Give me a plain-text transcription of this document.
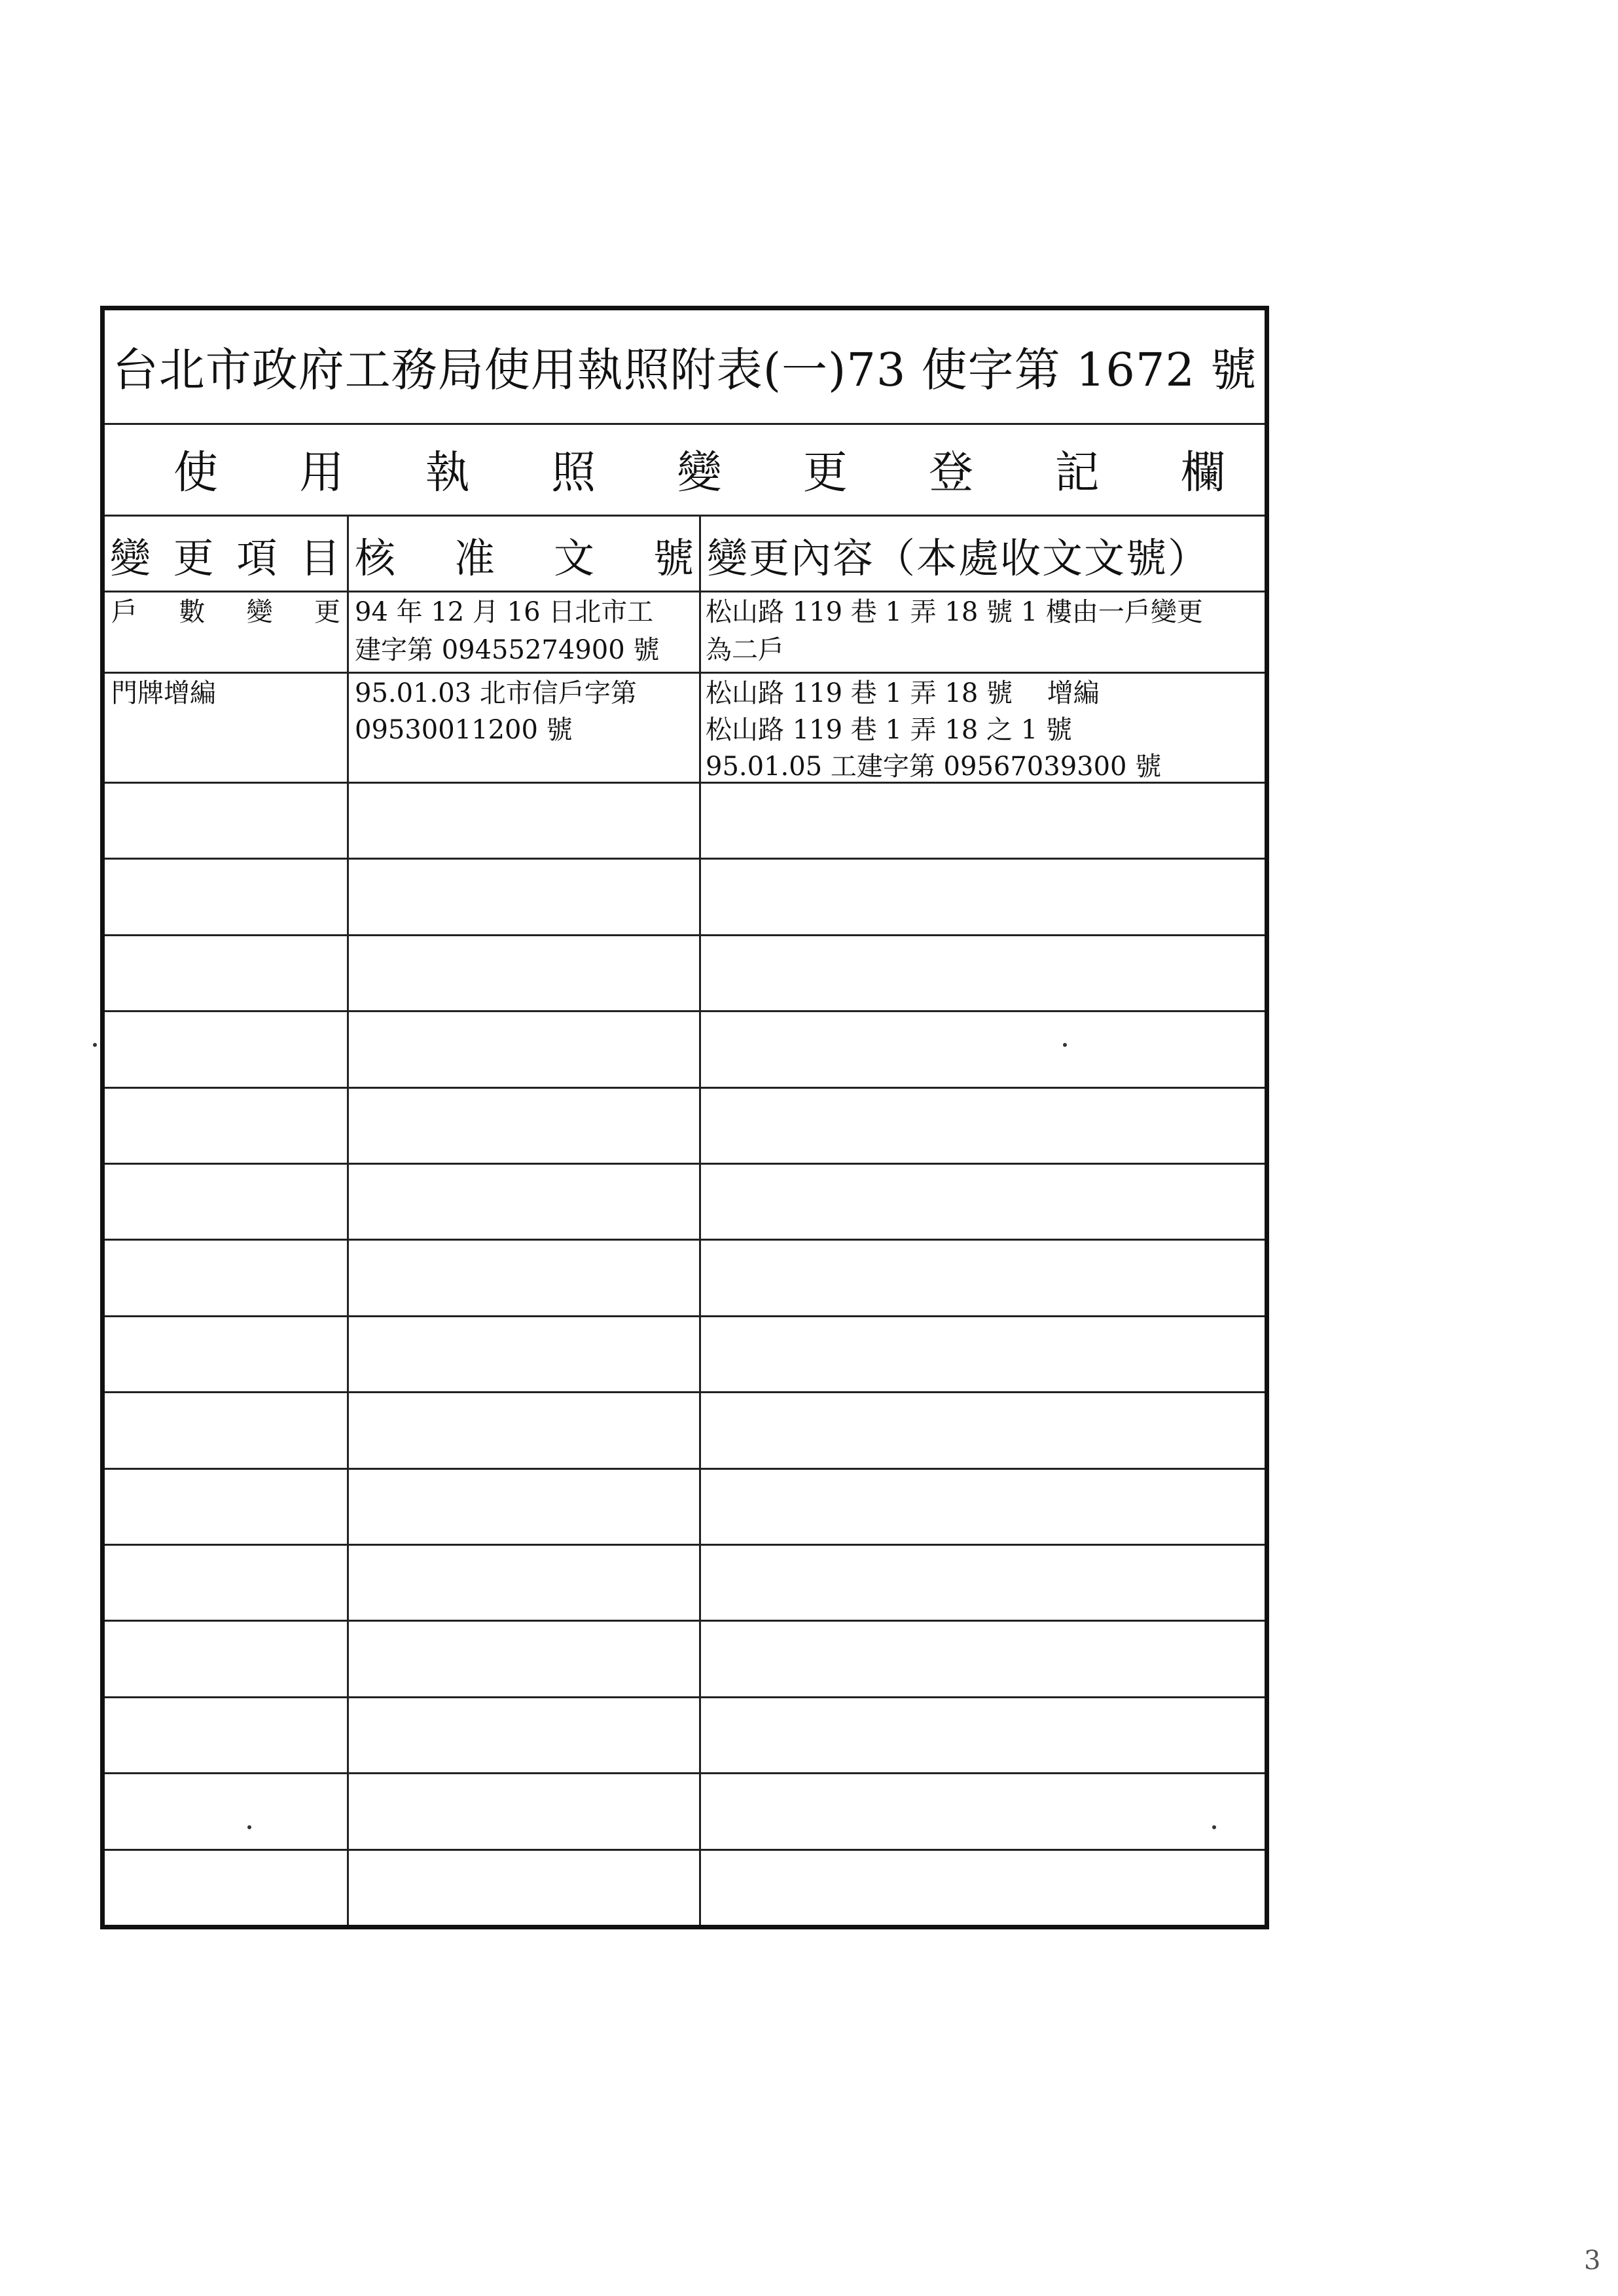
台北市政府工務局使用執照附表(一)73 使字第 1672 號
使 用 執 照 變 更 登 記 欄
變 更 項 目 核 准 文 號 變更內容（本處收文文號）
戶 數 變 更 94 年 12 月 16 日北市工
建字第 09455274900 號
松山路 119 巷 1 弄 18 號 1 樓由一戶變更
為二戶
門牌增編	95.01.03 北市信戶字第
09530011200 號
松山路 119 巷 1 弄 18 號　 增編
松山路 119 巷 1 弄 18 之 1 號
95.01.05 工建字第 09567039300 號
3
